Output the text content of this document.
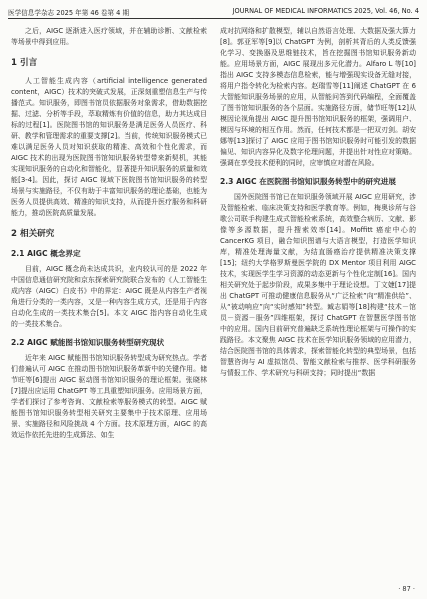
医学信息学杂志 2025 年第 46 卷第 4 期	JOURNAL OF MEDICAL INFORMATICS 2025, Vol. 46, No. 4

之后，AIGC 逐渐进入医疗领域，并在辅助诊断、文献检索等场景中得到应用。

1 引言

人工智能生成内容（artificial intelligence generated content，AIGC）技术的突破式发展，正深刻重塑信息生产与传播范式。知识服务，即图书馆员依据服务对象需求，借助数据挖掘、过滤、分析等手段，萃取精炼有价值的信息，助力其达成目标的过程[1]。医院图书馆的知识服务是满足医务人员医疗、科研、教学和管理需求的重要支撑[2]。当前，传统知识服务模式已难以满足医务人员对知识获取的精准、高效和个性化需求，而 AIGC 技术的出现为医院图书馆知识服务转型带来新契机，其能实现知识服务的自动化和智能化，显著提升知识服务的质量和效能[3-4]。因此，探讨 AIGC 视域下医院图书馆知识服务的转型场景与实施路径，不仅有助于丰富知识服务的理论基础，也能为医务人员提供高效、精准的知识支持，从而提升医疗服务和科研能力，推动医院高质量发展。

2 相关研究
2.1 AIGC 概念界定

目前，AIGC 概念尚未达成共识，业内较认可的是 2022 年中国信息通信研究院和京东探索研究院联合发布的《人工智能生成内容（AIGC）白皮书》中的界定：AIGC 既是从内容生产者视角进行分类的一类内容，又是一种内容生成方式，还是用于内容自动化生成的一类技术集合[5]。本文 AIGC 指内容自动化生成的一类技术集合。

2.2 AIGC 赋能图书馆知识服务转型研究现状

近年来 AIGC 赋能图书馆知识服务转型成为研究热点。学者们普遍认可 AIGC 在推动图书馆知识服务革新中的关键作用。储节旺等[6]提出 AIGC 驱动图书馆知识服务的理论框架。张晓林[7]提出应运用 ChatGPT 等工具重塑知识服务。应用场景方面，学者们探讨了参考咨询、文献检索等服务模式的转型。AIGC 赋能图书馆知识服务转型相关研究主要集中于技术原理、应用场景、实施路径和风险挑战 4 个方面。技术原理方面，AIGC 的高效运作依托先进的生成算法、如生

成对抗网络和扩散模型，辅以自然语言处理、大数据及强大算力[8]。郭亚军等[9]以 ChatGPT 为例，剖析其背后的人类反馈强化学习、变换器及思维链技术，旨在挖掘图书馆知识服务新动能。应用场景方面，AIGC 展现出多元化潜力。Alfaro L 等[10]指出 AIGC 支持多模态信息检索，能与增强现实设备无缝对接，将用户指令转化为检索内容。赵瑞雪等[11]阐述 ChatGPT 在 6 大智能知识服务场景的应用，从智能问答到代码编程，全面覆盖了图书馆知识服务的各个层面。实施路径方面，储节旺等[12]从模因论视角提出 AIGC 提升图书馆知识服务的框架，强调用户、模因与环境的相互作用。然而，任何技术都是一把双刃剑。胡安娜等[13]探讨了 AIGC 应用于图书馆知识服务时可能引发的数据偏见、知识内容异化及数字伦理问题，并提出针对性应对策略。强调在享受技术便利的同时，应审慎应对潜在风险。

2.3 AIGC 在医院图书馆知识服务转型中的研究进展

国外医院图书馆已在知识服务领域开展 AIGC 应用研究，涉及智能检索、临床决策支持和医学教育等。例如，梅奥诊所与谷歌公司联手构建生成式智能检索系统，高效整合病历、文献、影像等多源数据，提升搜索效率[14]。Moffitt 癌症中心的 CancerKG 项目，融合知识图谱与大语言模型，打造医学知识库，精准处理海量文献，为结直肠癌治疗提供精准决策支撑[15]；纽约大学格罗斯曼医学院的 DX Mentor 项目利用 AIGC 技术，实现医学生学习资源的动态更新与个性化定制[16]。国内相关研究处于起步阶段，成果多集中于理论设想。丁文婕[17]提出 ChatGPT 可推动健康信息服务从“广泛检索”向“精准供给”、从“被动响应”向“实时感知”转型。臧志娟等[18]构建“技术－馆员－资源－服务”四维框架，探讨 ChatGPT 在智慧医学图书馆中的应用。国内目前研究普遍缺乏系统性理论框架与可操作的实践路径。本文聚焦 AIGC 技术在医学知识服务领域的应用潜力，结合医院图书馆的具体需求，探索智能化转型的典型场景，包括智慧咨询与 AI 虚拟馆员、智能文献检索与推荐、医学科研服务与情报工作、学术研究与科研支持；同时提出“数据

· 87 ·
